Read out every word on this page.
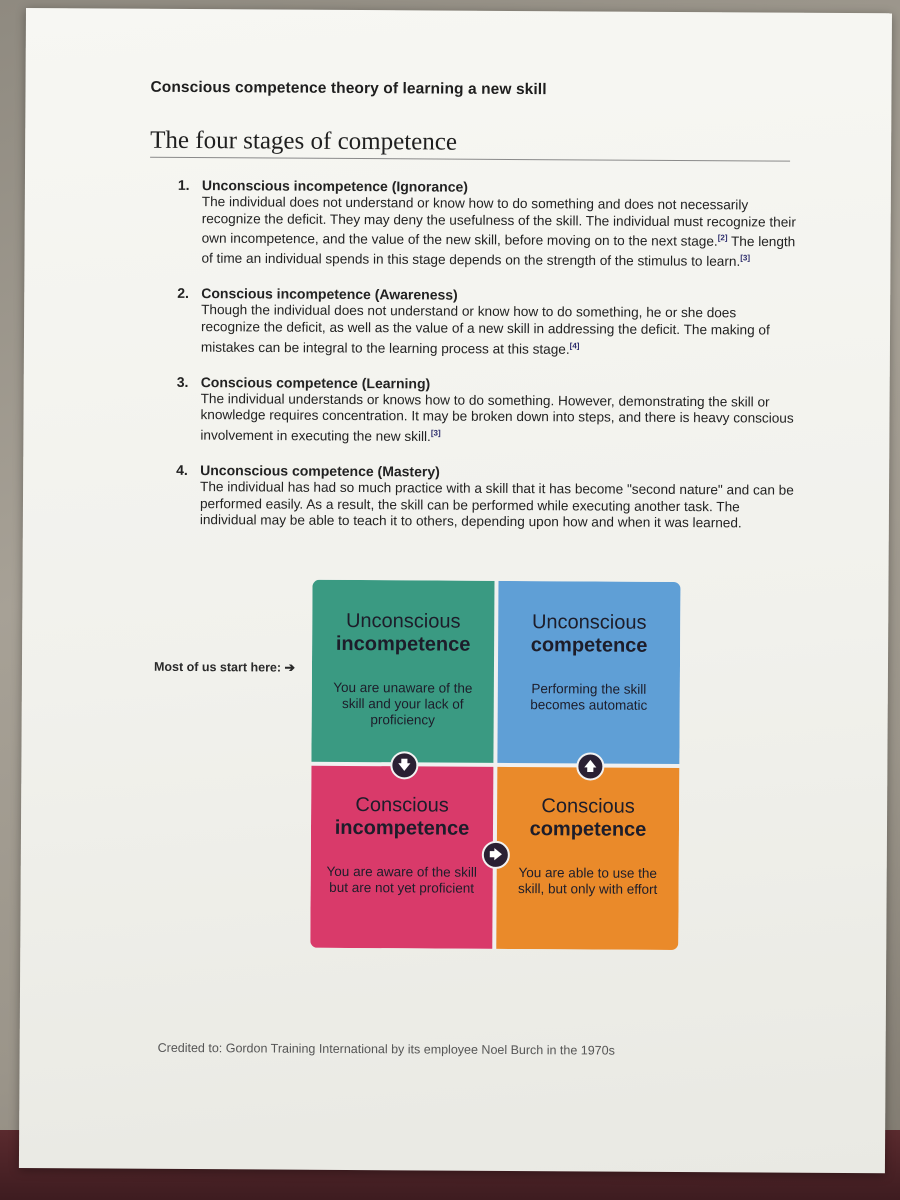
Conscious competence theory of learning a new skill
The four stages of competence
1. Unconscious incompetence (Ignorance)
The individual does not understand or know how to do something and does not necessarily recognize the deficit. They may deny the usefulness of the skill. The individual must recognize their own incompetence, and the value of the new skill, before moving on to the next stage.[2] The length of time an individual spends in this stage depends on the strength of the stimulus to learn.[3]
2. Conscious incompetence (Awareness)
Though the individual does not understand or know how to do something, he or she does recognize the deficit, as well as the value of a new skill in addressing the deficit. The making of mistakes can be integral to the learning process at this stage.[4]
3. Conscious competence (Learning)
The individual understands or knows how to do something. However, demonstrating the skill or knowledge requires concentration. It may be broken down into steps, and there is heavy conscious involvement in executing the new skill.[3]
4. Unconscious competence (Mastery)
The individual has had so much practice with a skill that it has become "second nature" and can be performed easily. As a result, the skill can be performed while executing another task. The individual may be able to teach it to others, depending upon how and when it was learned.
Most of us start here: ➔
Unconscious
incompetence
You are unaware of the skill and your lack of proficiency
Unconscious
competence
Performing the skill becomes automatic
Conscious
incompetence
You are aware of the skill but are not yet proficient
Conscious
competence
You are able to use the skill, but only with effort
🡇	🡅
🡆
Credited to: Gordon Training International by its employee Noel Burch in the 1970s
